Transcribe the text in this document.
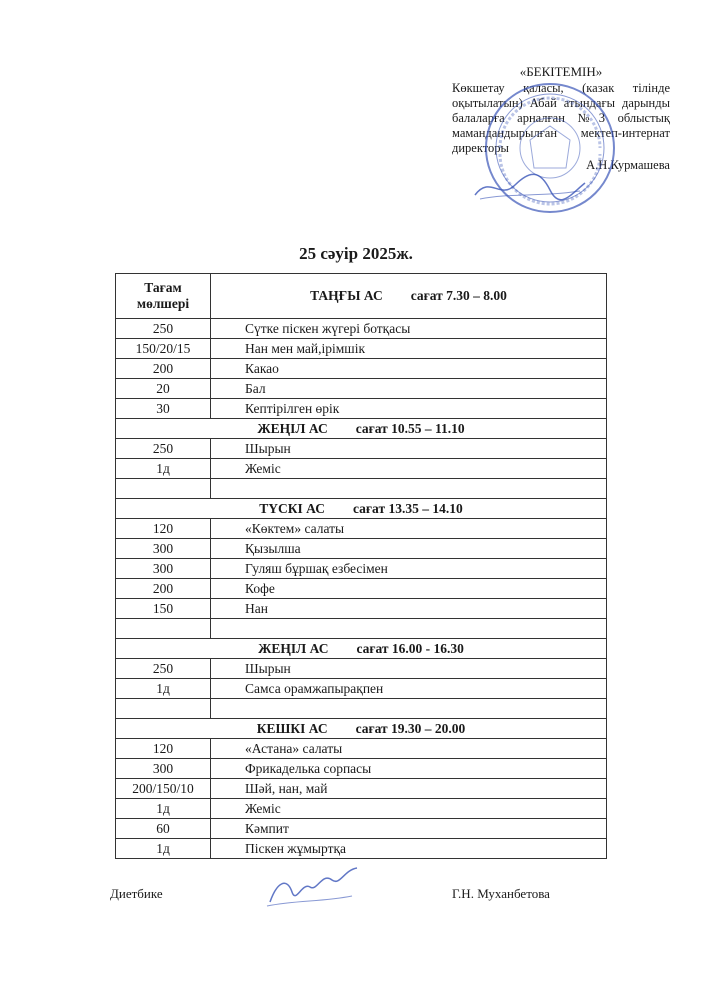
«БЕКІТЕМІН»
Көкшетау қаласы, (казак тілінде оқытылатын) Абай атындағы дарынды балаларға арналған №3 облыстық мамандандырылған мектеп-интернат директоры
А.Н.Курмашева
25 сәуір 2025ж.
Тағам мөлшері	ТАҢҒЫ АС сағат 7.30 – 8.00
250	Сүтке піскен жүгері ботқасы
150/20/15	Нан мен май,ірімшік
200	Какао
20	Бал
30	Кептірілген өрік
ЖЕҢІЛ АС сағат 10.55 – 11.10	
250	Шырын
1д	Жеміс

ТҮСКІ АС сағат 13.35 – 14.10	
120	«Көктем» салаты
300	Қызылша
300	Гуляш бұршақ езбесімен
200	Кофе
150	Нан

ЖЕҢІЛ АС сағат 16.00 - 16.30	
250	Шырын
1д	Самса орамжапырақпен

КЕШКІ АС сағат 19.30 – 20.00	
120	«Астана» салаты
300	Фрикаделька сорпасы
200/150/10	Шәй, нан, май
1д	Жеміс
60	Кәмпит
1д	Піскен жұмыртқа
Диетбике	Г.Н. Муханбетова
